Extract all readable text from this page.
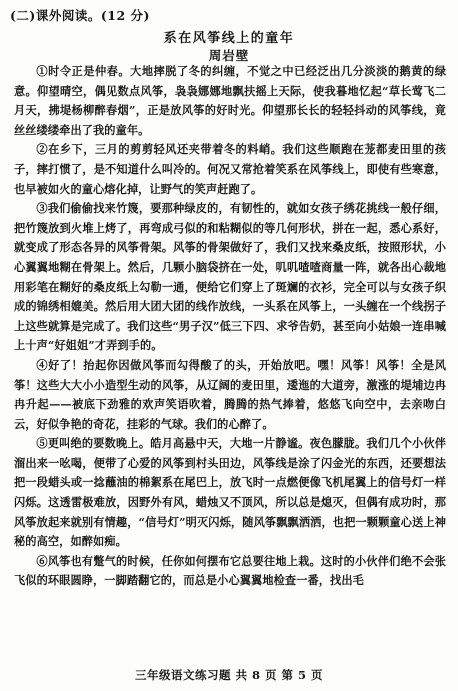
(二)课外阅读。(12 分)
系在风筝线上的童年
周岩壁

①时令正是仲春。大地摔脱了冬的纠缠，不觉之中已经泛出几分淡淡的鹅黄的绿意。仰望晴空，偶见数点风筝，袅袅娜娜地飘扶摇上天际，使我暮地忆起“草长莺飞二月天，拂堤杨柳醉春烟”，正是放风筝的好时光。仰望那长长的轻轻抖动的风筝线，竟丝丝缕缕牵出了我的童年。

②在乡下，三月的剪剪轻风还夹带着冬的料峭。我们这些顺跑在茏都麦田里的孩子，摔打惯了，是不知道什么叫冷的。何况又常抢着笑系在风筝线上，即使有些寒意，也早被如火的童心熔化掉，让野气的笑声赶跑了。

③我们偷偷找来竹篾，要那种绿皮的，有韧性的，就如女孩子绣花挑线一般仔细，把竹篾放到火堆上烤了，再弯成弓似的和粘糊似的等几何形状，拼在一起，悉心系好，就变成了形态各异的风筝骨架。风筝的骨架做好了，我们又找来桑皮纸，按照形状，小心翼翼地糊在骨架上。然后，几颗小脑袋挤在一处，叽叽喳喳商量一阵，就各出心裁地用彩笔在糊好的桑皮纸上勾勒一通，便给它们穿上了斑斓的衣衫，完全可以与女孩子织成的锦绣相媲美。然后用大团大团的线作放线，一头系在风筝上，一头缠在一个线拐子上这些就算是完成了。我们这些“男子汉”低三下四、求爷告奶，甚至向小姑娘一连串喊上十声“好姐姐”才弄到手的。

④好了！抬起你因做风筝而勾得酸了的头，开始放吧。嘿！风筝！风筝！全是风筝！这些大大小小造型生动的风筝，从辽阔的麦田里，逶迤的大道旁，激涨的堤埔边冉冉升起——被底下劲雅的欢声笑语吹着，腾腾的热气捧着，悠悠飞向空中，去亲吻白云，好似争艳的奇花，挂彩的气球。我们的心醉了。

⑤更叫绝的要数晚上。皓月高悬中天，大地一片静谧。夜色朦胧。我们几个小伙伴溜出来一吆喝，便带了心爱的风筝到村头田边，风筝线是涂了闪金光的东西，还要想法把一段蜡头或一捻蘸油的棉絮系在尾巴上，放飞时一点燃便像飞机尾翼上的信号灯一样闪烁。这透雷极难放，因野外有风，蜡烛又不顶风，所以总是熄灭，但偶有成功时，那风筝放起来就别有情趣，“信号灯”明灭闪烁，随风筝飘飘洒洒，也把一颗颗童心送上神秘的高空，如醉如痴。

⑥风筝也有蹩气的时候，任你如何摆布它总要往地上栽。这时的小伙伴们绝不会张飞似的环眼圆睁，一脚踏翻它的，而总是小心翼翼地检查一番，找出毛

三年级语文练习题 共 8 页 第 5 页
